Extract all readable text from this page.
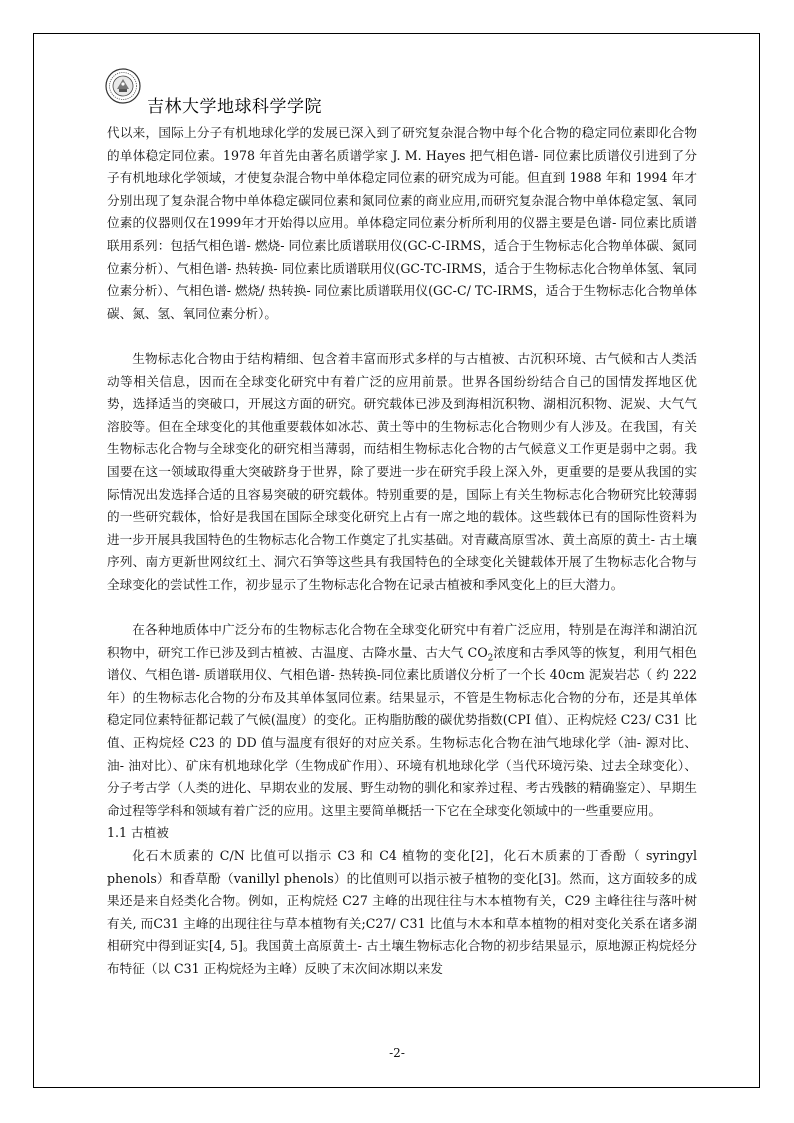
吉林大学地球科学学院

代以来，国际上分子有机地球化学的发展已深入到了研究复杂混合物中每个化合物的稳定同位素即化合物的单体稳定同位素。1978 年首先由著名质谱学家 J. M. Hayes 把气相色谱- 同位素比质谱仪引进到了分子有机地球化学领域，才使复杂混合物中单体稳定同位素的研究成为可能。但直到 1988 年和 1994 年才分别出现了复杂混合物中单体稳定碳同位素和氮同位素的商业应用,而研究复杂混合物中单体稳定氢、氧同位素的仪器则仅在1999年才开始得以应用。单体稳定同位素分析所利用的仪器主要是色谱- 同位素比质谱联用系列：包括气相色谱- 燃烧- 同位素比质谱联用仪(GC-C-IRMS，适合于生物标志化合物单体碳、氮同位素分析）、气相色谱- 热转换- 同位素比质谱联用仪(GC-TC-IRMS，适合于生物标志化合物单体氢、氧同位素分析）、气相色谱- 燃烧/ 热转换- 同位素比质谱联用仪(GC-C/ TC-IRMS，适合于生物标志化合物单体碳、氮、氢、氧同位素分析）。

生物标志化合物由于结构精细、包含着丰富而形式多样的与古植被、古沉积环境、古气候和古人类活动等相关信息，因而在全球变化研究中有着广泛的应用前景。世界各国纷纷结合自己的国情发挥地区优势，选择适当的突破口，开展这方面的研究。研究载体已涉及到海相沉积物、湖相沉积物、泥炭、大气气溶胶等。但在全球变化的其他重要载体如冰芯、黄土等中的生物标志化合物则少有人涉及。在我国，有关生物标志化合物与全球变化的研究相当薄弱，而结相生物标志化合物的古气候意义工作更是弱中之弱。我国要在这一领域取得重大突破跻身于世界，除了要进一步在研究手段上深入外，更重要的是要从我国的实际情况出发选择合适的且容易突破的研究载体。特别重要的是，国际上有关生物标志化合物研究比较薄弱的一些研究载体，恰好是我国在国际全球变化研究上占有一席之地的载体。这些载体已有的国际性资料为进一步开展具我国特色的生物标志化合物工作奠定了扎实基础。对青藏高原雪冰、黄土高原的黄土- 古土壤序列、南方更新世网纹红土、洞穴石笋等这些具有我国特色的全球变化关键载体开展了生物标志化合物与全球变化的尝试性工作，初步显示了生物标志化合物在记录古植被和季风变化上的巨大潜力。

在各种地质体中广泛分布的生物标志化合物在全球变化研究中有着广泛应用，特别是在海洋和湖泊沉积物中，研究工作已涉及到古植被、古温度、古降水量、古大气 $CO_2$浓度和古季风等的恢复，利用气相色谱仪、气相色谱- 质谱联用仪、气相色谱- 热转换-同位素比质谱仪分析了一个长 40cm 泥炭岩芯（ 约 222 年）的生物标志化合物的分布及其单体氢同位素。结果显示，不管是生物标志化合物的分布，还是其单体稳定同位素特征都记载了气候(温度）的变化。正构脂肪酸的碳优势指数(CPI 值）、正构烷烃 C23/ C31 比值、正构烷烃 C23 的 DD 值与温度有很好的对应关系。生物标志化合物在油气地球化学（油- 源对比、油- 油对比）、矿床有机地球化学（生物成矿作用）、环境有机地球化学（当代环境污染、过去全球变化）、分子考古学（人类的进化、早期农业的发展、野生动物的驯化和家养过程、考古残骸的精确鉴定）、早期生命过程等学科和领域有着广泛的应用。这里主要简单概括一下它在全球变化领域中的一些重要应用。

1.1 古植被

化石木质素的 C/N 比值可以指示 C3 和 C4 植物的变化[2]，化石木质素的丁香酚（ syringyl phenols）和香草酚（vanillyl phenols）的比值则可以指示被子植物的变化[3]。然而，这方面较多的成果还是来自烃类化合物。例如，正构烷烃 C27 主峰的出现往往与木本植物有关，C29 主峰往往与落叶树有关, 而C31 主峰的出现往往与草本植物有关;C27/ C31 比值与木本和草本植物的相对变化关系在诸多湖相研究中得到证实[4, 5]。我国黄土高原黄土- 古土壤生物标志化合物的初步结果显示，原地源正构烷烃分布特征（以 C31 正构烷烃为主峰）反映了末次间冰期以来发

-2-
